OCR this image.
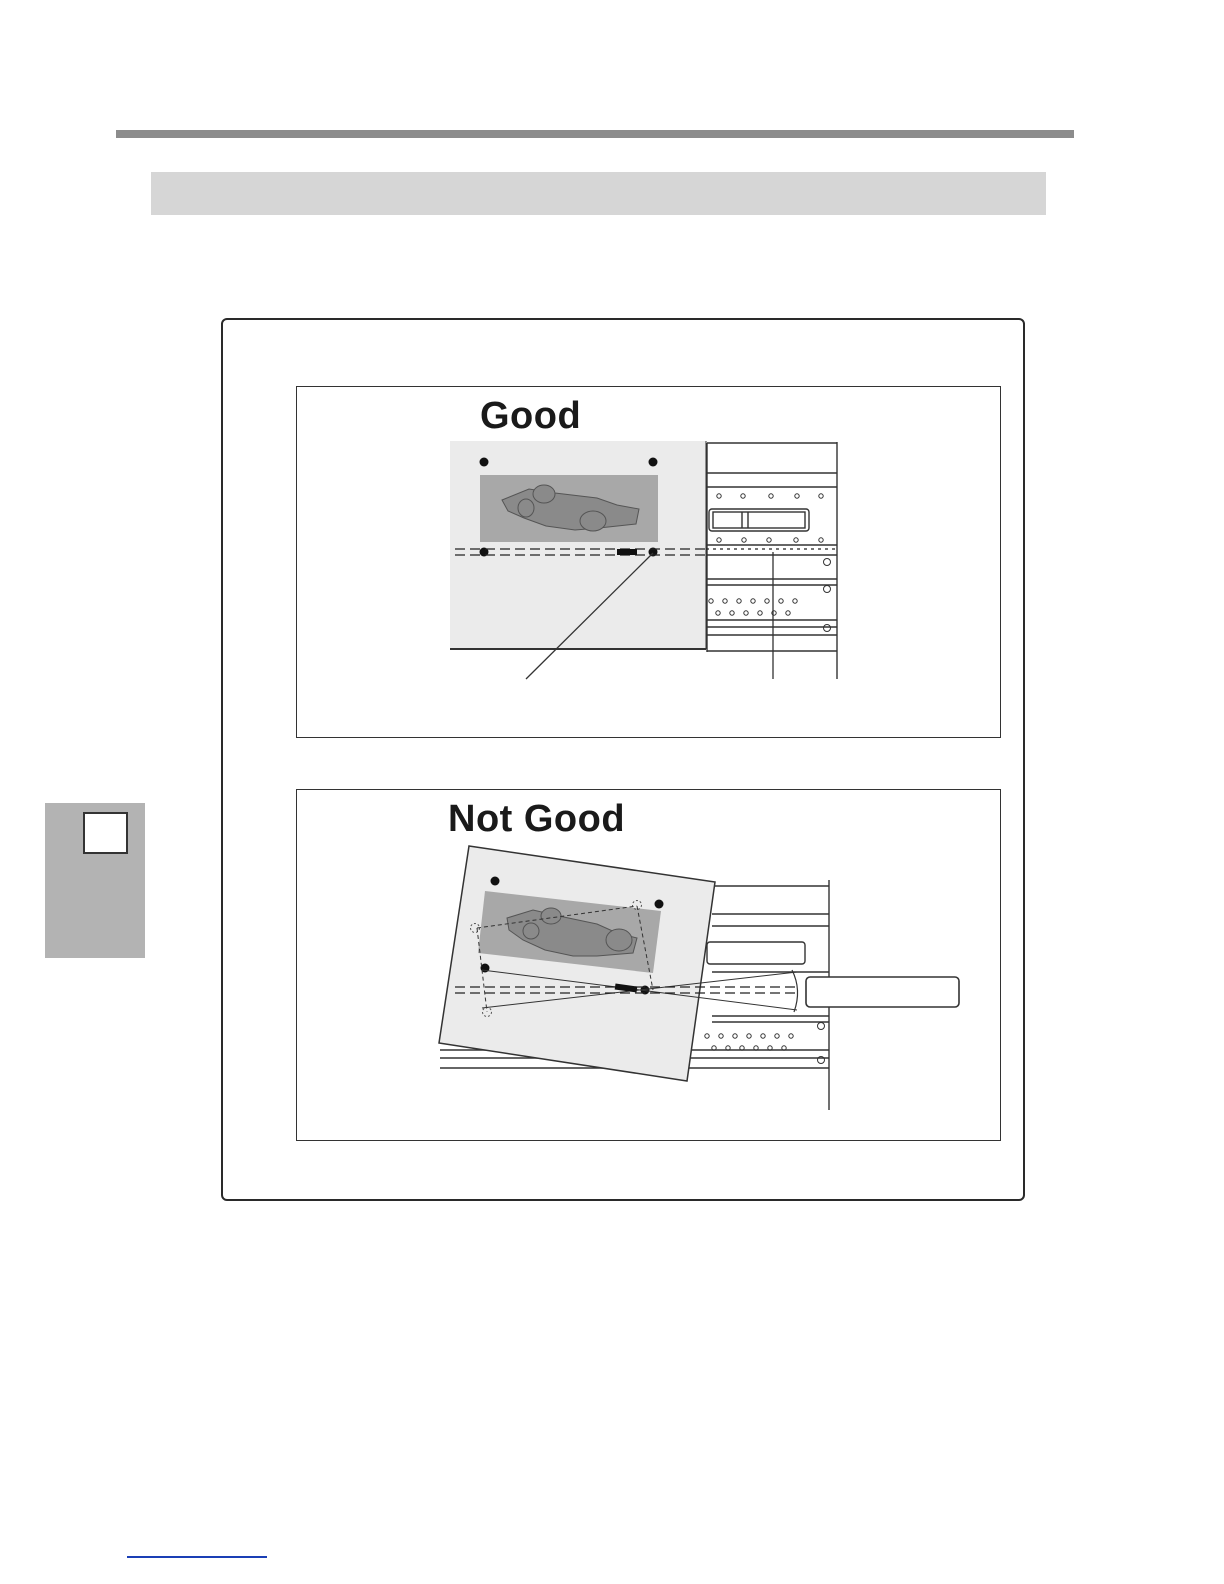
Good
Not Good
